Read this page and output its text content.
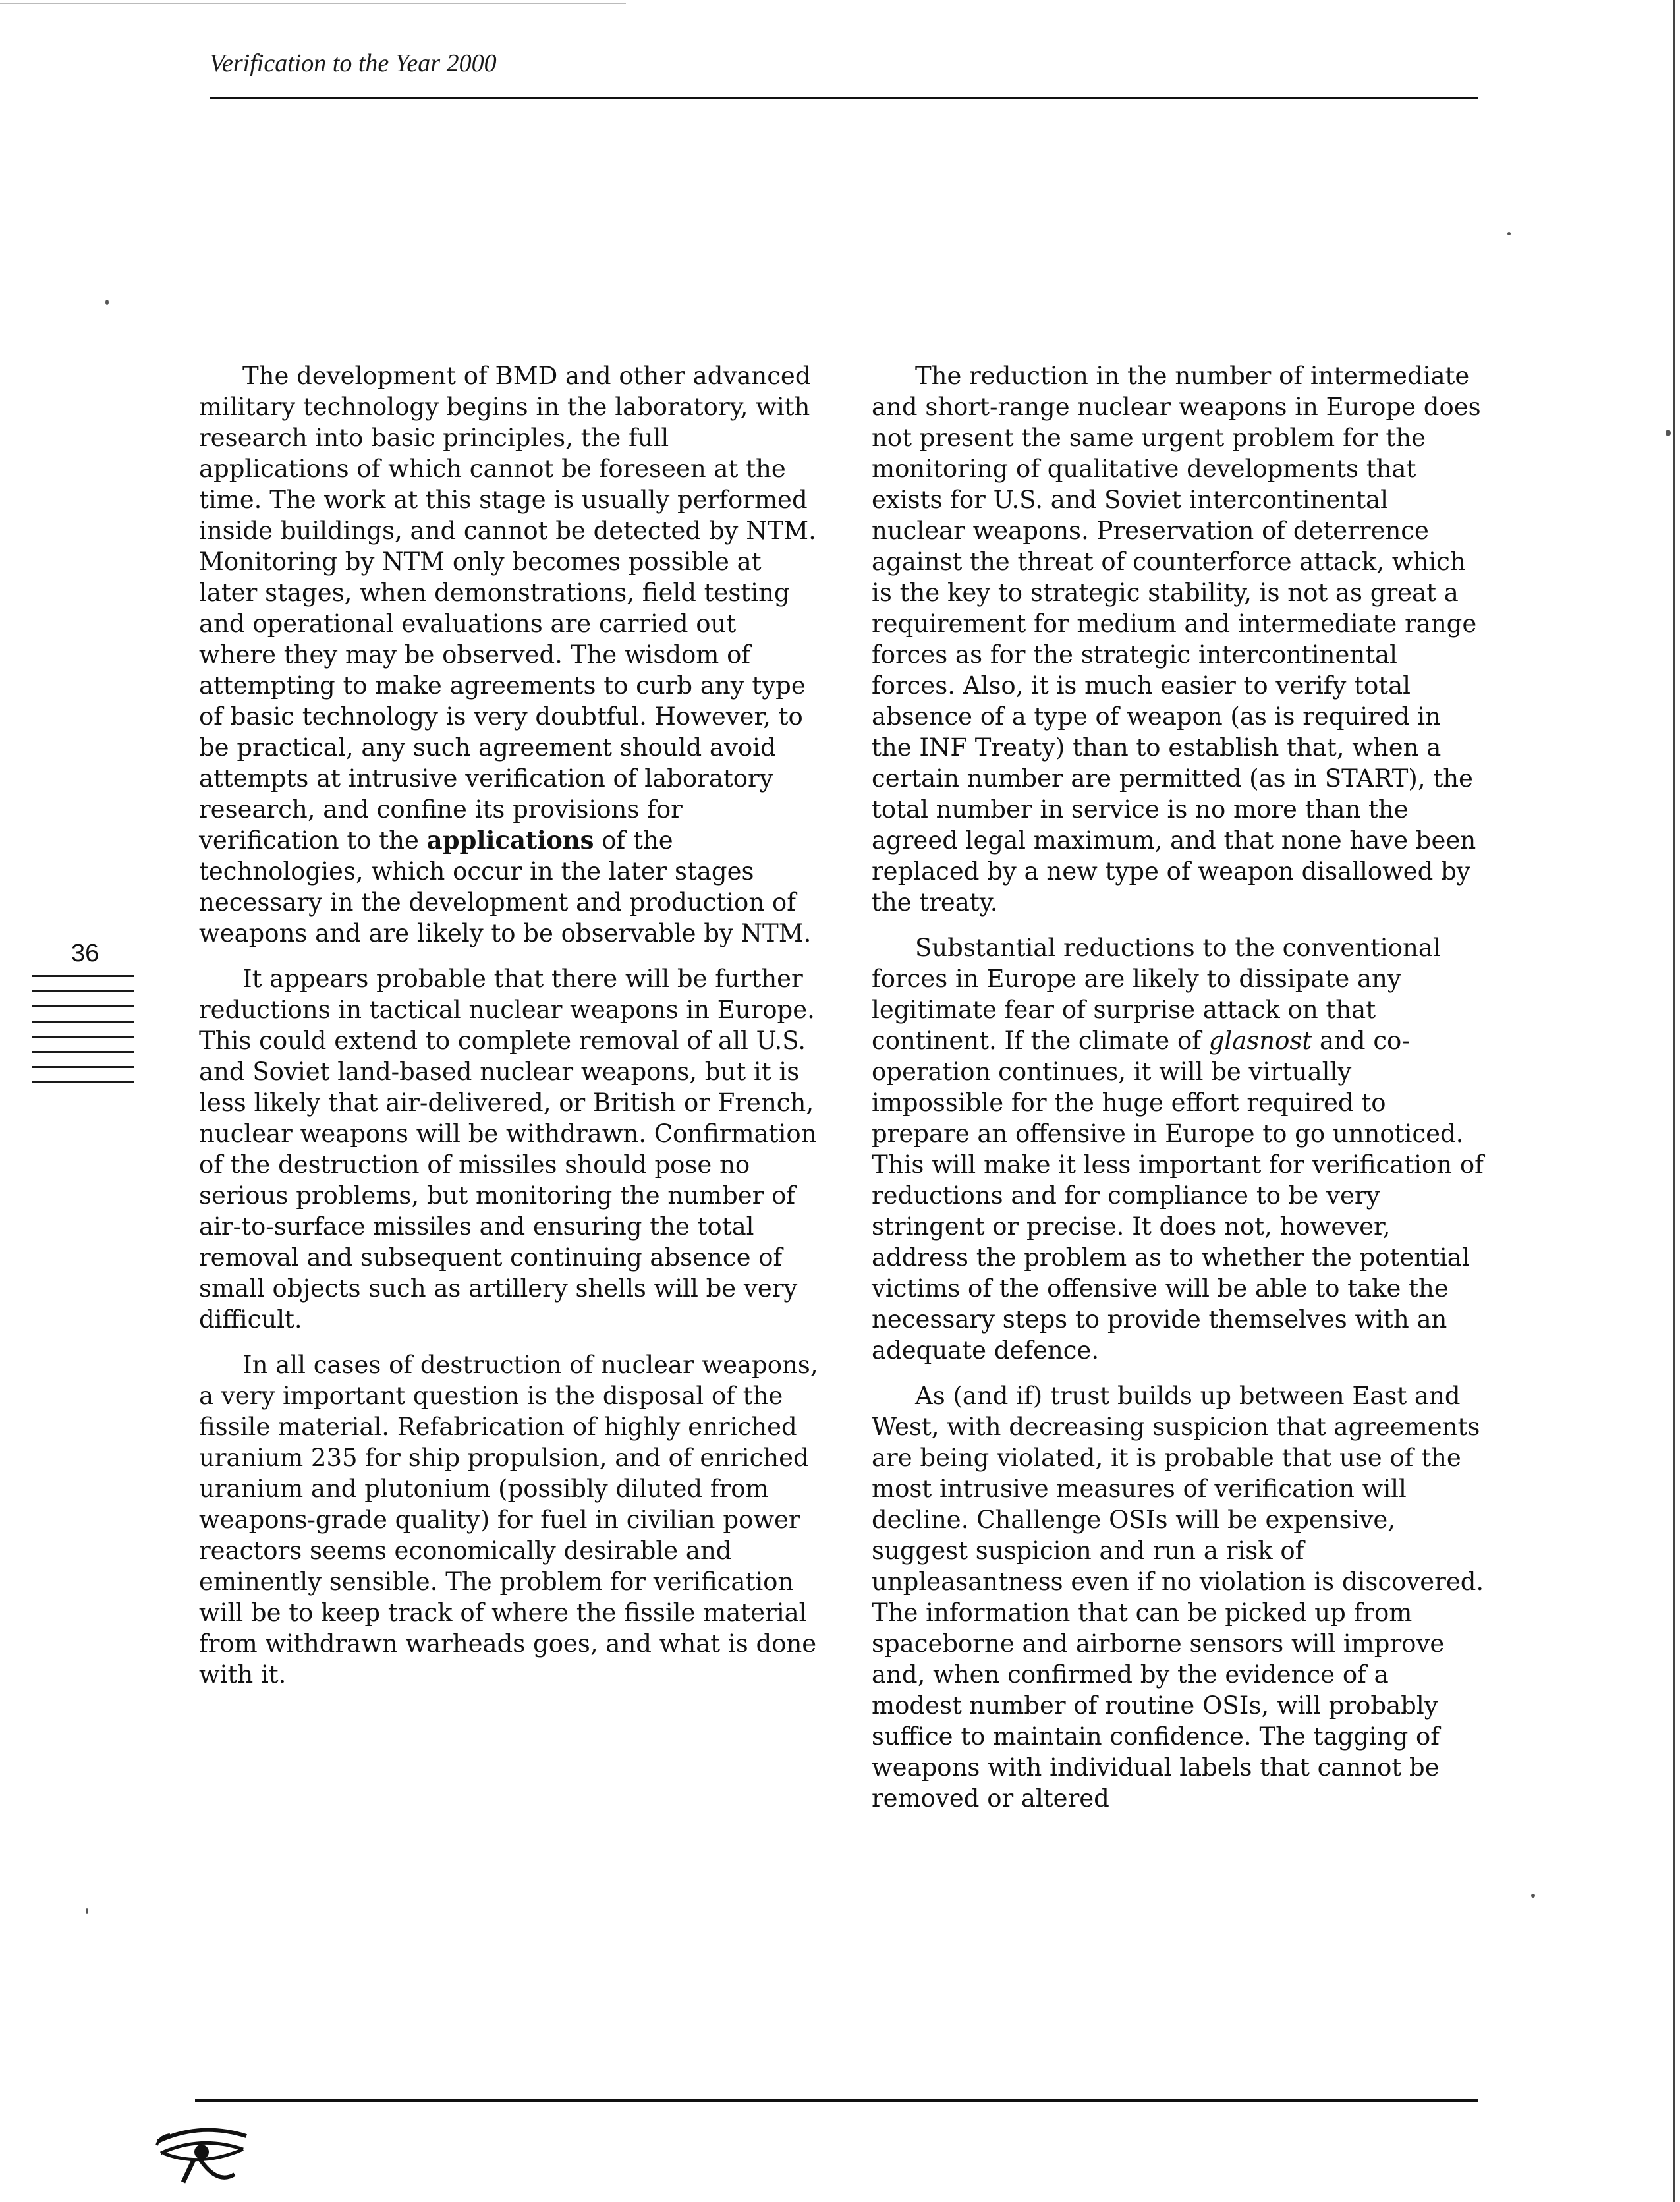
Verification to the Year 2000

The development of BMD and other advanced military technology begins in the laboratory, with research into basic principles, the full applications of which cannot be foreseen at the time. The work at this stage is usually performed inside buildings, and cannot be detected by NTM. Monitoring by NTM only becomes possible at later stages, when demonstrations, field testing and operational evaluations are carried out where they may be observed. The wisdom of attempting to make agreements to curb any type of basic technology is very doubtful. However, to be practical, any such agreement should avoid attempts at intrusive verification of laboratory research, and confine its provisions for verification to the applications of the technologies, which occur in the later stages necessary in the development and production of weapons and are likely to be observable by NTM.

It appears probable that there will be further reductions in tactical nuclear weapons in Europe. This could extend to complete removal of all U.S. and Soviet land-based nuclear weapons, but it is less likely that air-delivered, or British or French, nuclear weapons will be withdrawn. Confirmation of the destruction of missiles should pose no serious problems, but monitoring the number of air-to-surface missiles and ensuring the total removal and subsequent continuing absence of small objects such as artillery shells will be very difficult.

In all cases of destruction of nuclear weapons, a very important question is the disposal of the fissile material. Refabrication of highly enriched uranium 235 for ship propulsion, and of enriched uranium and plutonium (possibly diluted from weapons-grade quality) for fuel in civilian power reactors seems economically desirable and eminently sensible. The problem for verification will be to keep track of where the fissile material from withdrawn warheads goes, and what is done with it.

The reduction in the number of intermediate and short-range nuclear weapons in Europe does not present the same urgent problem for the monitoring of qualitative developments that exists for U.S. and Soviet intercontinental nuclear weapons. Preservation of deterrence against the threat of counterforce attack, which is the key to strategic stability, is not as great a requirement for medium and intermediate range forces as for the strategic intercontinental forces. Also, it is much easier to verify total absence of a type of weapon (as is required in the INF Treaty) than to establish that, when a certain number are permitted (as in START), the total number in service is no more than the agreed legal maximum, and that none have been replaced by a new type of weapon disallowed by the treaty.

Substantial reductions to the conventional forces in Europe are likely to dissipate any legitimate fear of surprise attack on that continent. If the climate of glasnost and co-operation continues, it will be virtually impossible for the huge effort required to prepare an offensive in Europe to go unnoticed. This will make it less important for verification of reductions and for compliance to be very stringent or precise. It does not, however, address the problem as to whether the potential victims of the offensive will be able to take the necessary steps to provide themselves with an adequate defence.

As (and if) trust builds up between East and West, with decreasing suspicion that agreements are being violated, it is probable that use of the most intrusive measures of verification will decline. Challenge OSIs will be expensive, suggest suspicion and run a risk of unpleasantness even if no violation is discovered. The information that can be picked up from spaceborne and airborne sensors will improve and, when confirmed by the evidence of a modest number of routine OSIs, will probably suffice to maintain confidence. The tagging of weapons with individual labels that cannot be removed or altered

36
